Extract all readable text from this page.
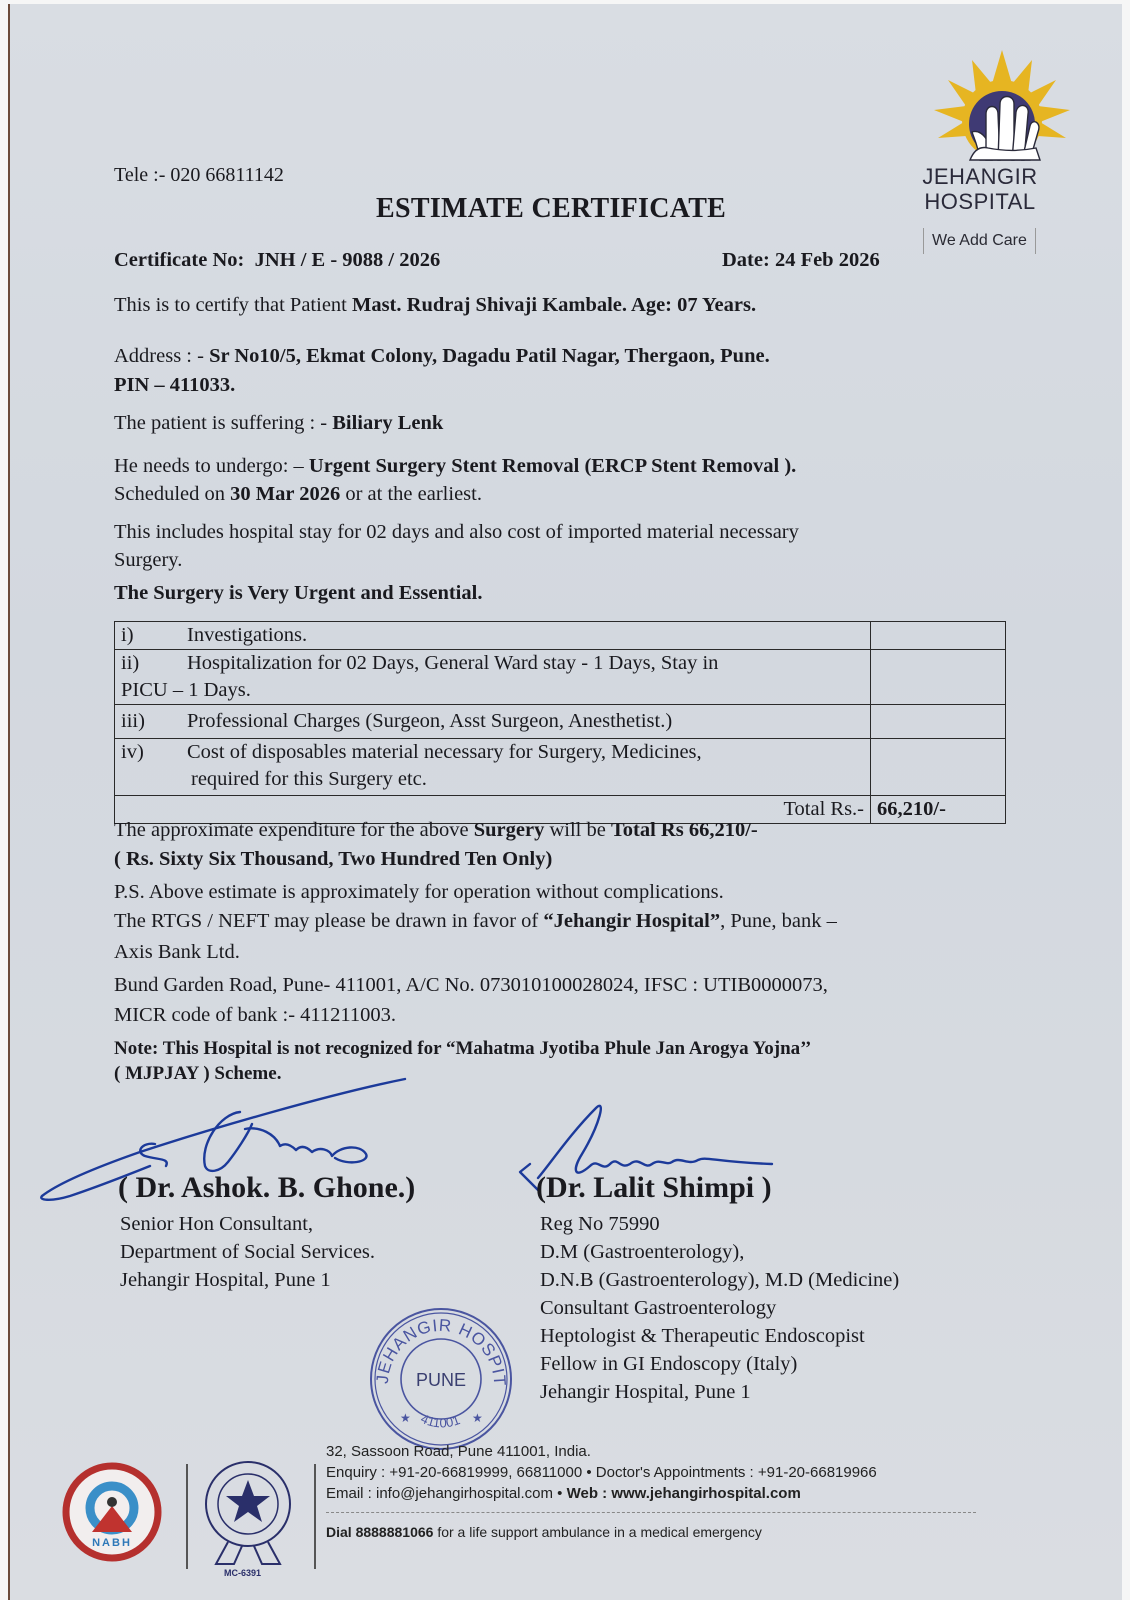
JEHANGIR
HOSPITAL
We Add Care
Tele :- 020 66811142
ESTIMATE CERTIFICATE
Certificate No: JNH / E - 9088 / 2026	Date: 24 Feb 2026
This is to certify that Patient Mast. Rudraj Shivaji Kambale. Age: 07 Years.
Address : - Sr No10/5, Ekmat Colony, Dagadu Patil Nagar, Thergaon, Pune.
PIN – 411033.
The patient is suffering : - Biliary Lenk
He needs to undergo: – Urgent Surgery Stent Removal (ERCP Stent Removal ).
Scheduled on 30 Mar 2026 or at the earliest.
This includes hospital stay for 02 days and also cost of imported material necessary
Surgery.
The Surgery is Very Urgent and Essential.
i) Investigations.	
ii) Hospitalization for 02 Days, General Ward stay - 1 Days, Stay in
PICU – 1 Days.	
iii) Professional Charges (Surgeon, Asst Surgeon, Anesthetist.)	
iv) Cost of disposables material necessary for Surgery, Medicines,
required for this Surgery etc.	
Total Rs.-	66,210/-
The approximate expenditure for the above Surgery will be Total Rs 66,210/-
( Rs. Sixty Six Thousand, Two Hundred Ten Only)
P.S. Above estimate is approximately for operation without complications.
The RTGS / NEFT may please be drawn in favor of “Jehangir Hospital”, Pune, bank –
Axis Bank Ltd.
Bund Garden Road, Pune- 411001, A/C No. 073010100028024, IFSC : UTIB0000073,
MICR code of bank :- 411211003.
Note: This Hospital is not recognized for “Mahatma Jyotiba Phule Jan Arogya Yojna’’
( MJPJAY ) Scheme.
( Dr. Ashok. B. Ghone.)
Senior Hon Consultant,
Department of Social Services.
Jehangir Hospital, Pune 1
(Dr. Lalit Shimpi )
Reg No 75990
D.M (Gastroenterology),
D.N.B (Gastroenterology), M.D (Medicine)
Consultant Gastroenterology
Heptologist & Therapeutic Endoscopist
Fellow in GI Endoscopy (Italy)
Jehangir Hospital, Pune 1
JEHANGIR HOSPIT
PUNE
411001
★	★
NABH
MC-6391
32, Sassoon Road, Pune 411001, India.
Enquiry : +91-20-66819999, 66811000 • Doctor's Appointments : +91-20-66819966
Email : info@jehangirhospital.com • Web : www.jehangirhospital.com
Dial 8888881066 for a life support ambulance in a medical emergency
